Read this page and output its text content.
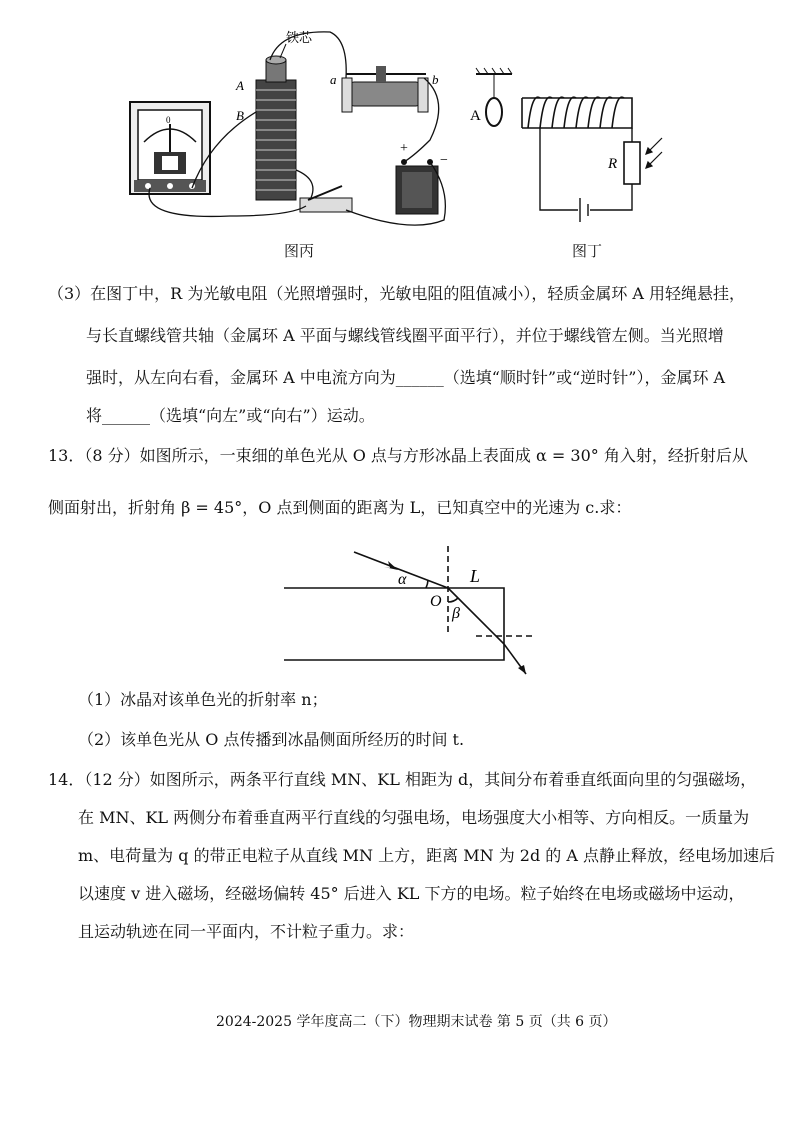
0
铁芯
A
B
a	b
+
−
图丙
A
R
图丁
（3）在图丁中，R 为光敏电阻（光照增强时，光敏电阻的阻值减小），轻质金属环 A 用轻绳悬挂，
与长直螺线管共轴（金属环 A 平面与螺线管线圈平面平行），并位于螺线管左侧。当光照增
强时，从左向右看，金属环 A 中电流方向为______（选填“顺时针”或“逆时针”），金属环 A
将______（选填“向左”或“向右”）运动。
13．（8 分）如图所示，一束细的单色光从 O 点与方形冰晶上表面成 α = 30° 角入射，经折射后从
侧面射出，折射角 β = 45°，O 点到侧面的距离为 L，已知真空中的光速为 c.求：
α
O
β
L
（1）冰晶对该单色光的折射率 n；
（2）该单色光从 O 点传播到冰晶侧面所经历的时间 t.
14．（12 分）如图所示，两条平行直线 MN、KL 相距为 d，其间分布着垂直纸面向里的匀强磁场，
在 MN、KL 两侧分布着垂直两平行直线的匀强电场，电场强度大小相等、方向相反。一质量为
m、电荷量为 q 的带正电粒子从直线 MN 上方，距离 MN 为 2d 的 A 点静止释放，经电场加速后
以速度 v 进入磁场，经磁场偏转 45° 后进入 KL 下方的电场。粒子始终在电场或磁场中运动，
且运动轨迹在同一平面内，不计粒子重力。求：
2024-2025 学年度高二（下）物理期末试卷 第 5 页（共 6 页）
